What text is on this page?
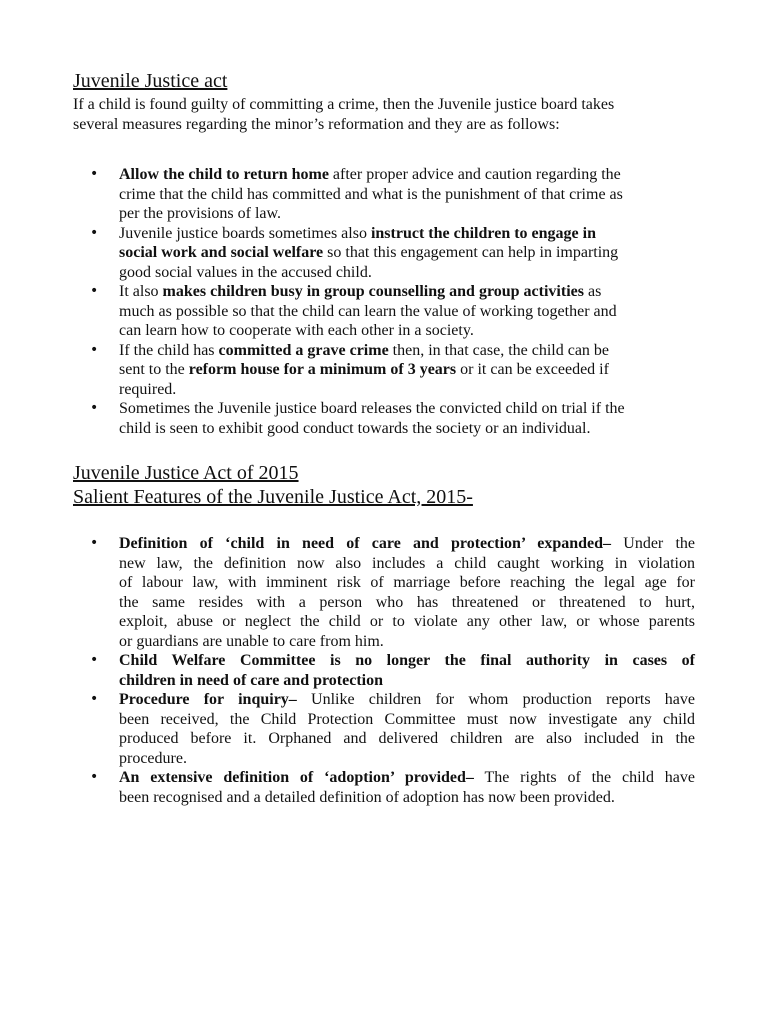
Juvenile Justice act

If a child is found guilty of committing a crime, then the Juvenile justice board takes
several measures regarding the minor’s reformation and they are as follows:

• Allow the child to return home after proper advice and caution regarding the
crime that the child has committed and what is the punishment of that crime as
per the provisions of law.
• Juvenile justice boards sometimes also instruct the children to engage in
social work and social welfare so that this engagement can help in imparting
good social values in the accused child.
• It also makes children busy in group counselling and group activities as
much as possible so that the child can learn the value of working together and
can learn how to cooperate with each other in a society.
• If the child has committed a grave crime then, in that case, the child can be
sent to the reform house for a minimum of 3 years or it can be exceeded if
required.
• Sometimes the Juvenile justice board releases the convicted child on trial if the
child is seen to exhibit good conduct towards the society or an individual.
Juvenile Justice Act of 2015
Salient Features of the Juvenile Justice Act, 2015-
• Definition of ‘child in need of care and protection’ expanded– Under the
new law, the definition now also includes a child caught working in violation
of labour law, with imminent risk of marriage before reaching the legal age for
the same resides with a person who has threatened or threatened to hurt,
exploit, abuse or neglect the child or to violate any other law, or whose parents
or guardians are unable to care from him.
• Child Welfare Committee is no longer the final authority in cases of
children in need of care and protection
• Procedure for inquiry– Unlike children for whom production reports have
been received, the Child Protection Committee must now investigate any child
produced before it. Orphaned and delivered children are also included in the
procedure.
• An extensive definition of ‘adoption’ provided– The rights of the child have
been recognised and a detailed definition of adoption has now been provided.
